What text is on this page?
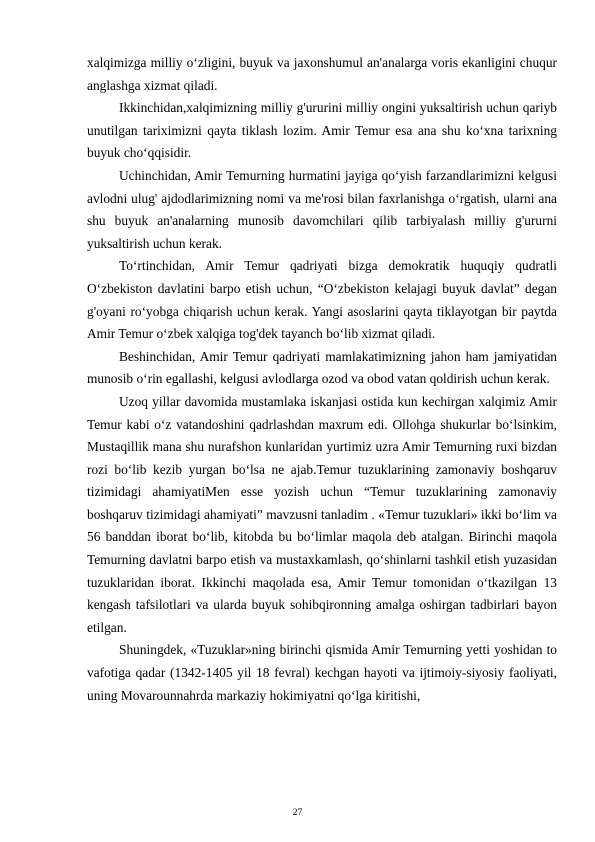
xalqimizga milliy o‘zligini, buyuk va jaxonshumul an'analarga voris ekanligini chuqur anglashga xizmat qiladi.

Ikkinchidan,xalqimizning milliy g'ururini milliy ongini yuksaltirish uchun qariyb unutilgan tariximizni qayta tiklash lozim. Amir Temur esa ana shu ko‘xna tarixning buyuk cho‘qqisidir.

Uchinchidan, Amir Temurning hurmatini jayiga qo‘yish farzandlarimizni kelgusi avlodni ulug' ajdodlarimizning nomi va me'rosi bilan faxrlanishga o‘rgatish, ularni ana shu buyuk an'analarning munosib davomchilari qilib tarbiyalash milliy g'ururni yuksaltirish uchun kerak.

To‘rtinchidan, Amir Temur qadriyati bizga demokratik huquqiy qudratli O‘zbekiston davlatini barpo etish uchun, “O‘zbekiston kelajagi buyuk davlat” degan g'oyani ro‘yobga chiqarish uchun kerak. Yangi asoslarini qayta tiklayotgan bir paytda Amir Temur o‘zbek xalqiga tog'dek tayanch bo‘lib xizmat qiladi.

Beshinchidan, Amir Temur qadriyati mamlakatimizning jahon ham jamiyatidan munosib o‘rin egallashi, kelgusi avlodlarga ozod va obod vatan qoldirish uchun kerak.

Uzoq yillar davomida mustamlaka iskanjasi ostida kun kechirgan xalqimiz Amir Temur kabi o‘z vatandoshini qadrlashdan maxrum edi. Ollohga shukurlar bo‘lsinkim, Mustaqillik mana shu nurafshon kunlaridan yurtimiz uzra Amir Temurning ruxi bizdan rozi bo‘lib kezib yurgan bo‘lsa ne ajab.Temur tuzuklarining zamonaviy boshqaruv tizimidagi ahamiyatiMen esse yozish uchun “Temur tuzuklarining zamonaviy boshqaruv tizimidagi ahamiyati” mavzusni tanladim . «Temur tuzuklari» ikki bo‘lim va 56 banddan iborat bo‘lib, kitobda bu bo‘limlar maqola deb atalgan. Birinchi maqola Temurning davlatni barpo etish va mustaxkamlash, qo‘shinlarni tashkil etish yuzasidan tuzuklaridan iborat. Ikkinchi maqolada esa, Amir Temur tomonidan o‘tkazilgan 13 kengash tafsilotlari va ularda buyuk sohibqironning amalga oshirgan tadbirlari bayon etilgan.

Shuningdek, «Tuzuklar»ning birinchi qismida Amir Temurning yetti yoshidan to vafotiga qadar (1342-1405 yil 18 fevral) kechgan hayoti va ijtimoiy-siyosiy faoliyati, uning Movarounnahrda markaziy hokimiyatni qo‘lga kiritishi,

27
